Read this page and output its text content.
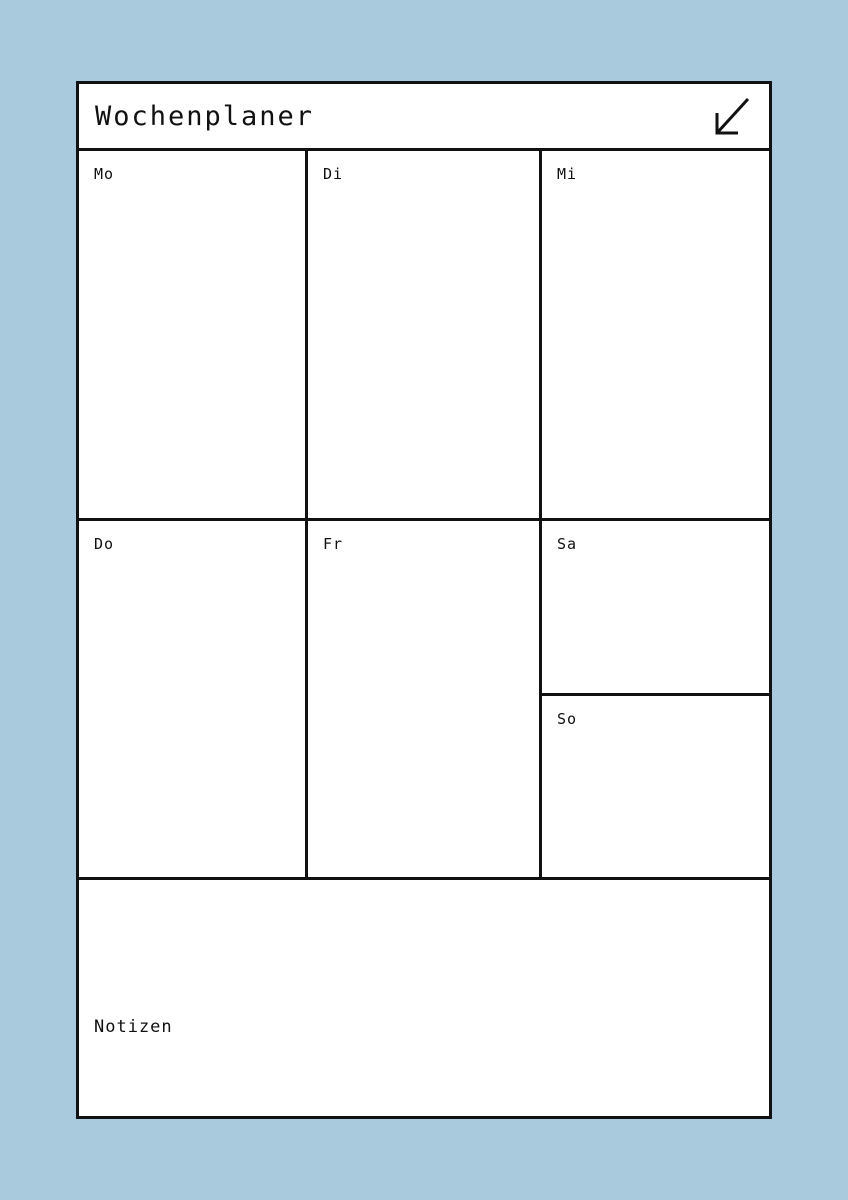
Wochenplaner
Mo	Di	Mi
Do	Fr	Sa
So
Notizen
